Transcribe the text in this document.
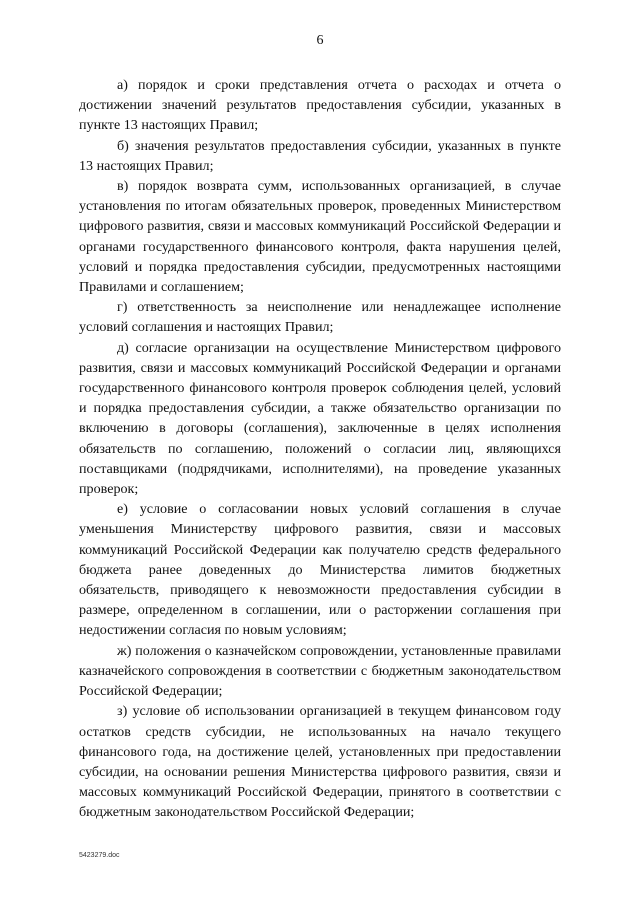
6

а) порядок и сроки представления отчета о расходах и отчета о достижении значений результатов предоставления субсидии, указанных в пункте 13 настоящих Правил;

б) значения результатов предоставления субсидии, указанных в пункте 13 настоящих Правил;

в) порядок возврата сумм, использованных организацией, в случае установления по итогам обязательных проверок, проведенных Министерством цифрового развития, связи и массовых коммуникаций Российской Федерации и органами государственного финансового контроля, факта нарушения целей, условий и порядка предоставления субсидии, предусмотренных настоящими Правилами и соглашением;

г) ответственность за неисполнение или ненадлежащее исполнение условий соглашения и настоящих Правил;

д) согласие организации на осуществление Министерством цифрового развития, связи и массовых коммуникаций Российской Федерации и органами государственного финансового контроля проверок соблюдения целей, условий и порядка предоставления субсидии, а также обязательство организации по включению в договоры (соглашения), заключенные в целях исполнения обязательств по соглашению, положений о согласии лиц, являющихся поставщиками (подрядчиками, исполнителями), на проведение указанных проверок;

е) условие о согласовании новых условий соглашения в случае уменьшения Министерству цифрового развития, связи и массовых коммуникаций Российской Федерации как получателю средств федерального бюджета ранее доведенных до Министерства лимитов бюджетных обязательств, приводящего к невозможности предоставления субсидии в размере, определенном в соглашении, или о расторжении соглашения при недостижении согласия по новым условиям;

ж) положения о казначейском сопровождении, установленные правилами казначейского сопровождения в соответствии с бюджетным законодательством Российской Федерации;

з) условие об использовании организацией в текущем финансовом году остатков средств субсидии, не использованных на начало текущего финансового года, на достижение целей, установленных при предоставлении субсидии, на основании решения Министерства цифрового развития, связи и массовых коммуникаций Российской Федерации, принятого в соответствии с бюджетным законодательством Российской Федерации;

5423279.doc
